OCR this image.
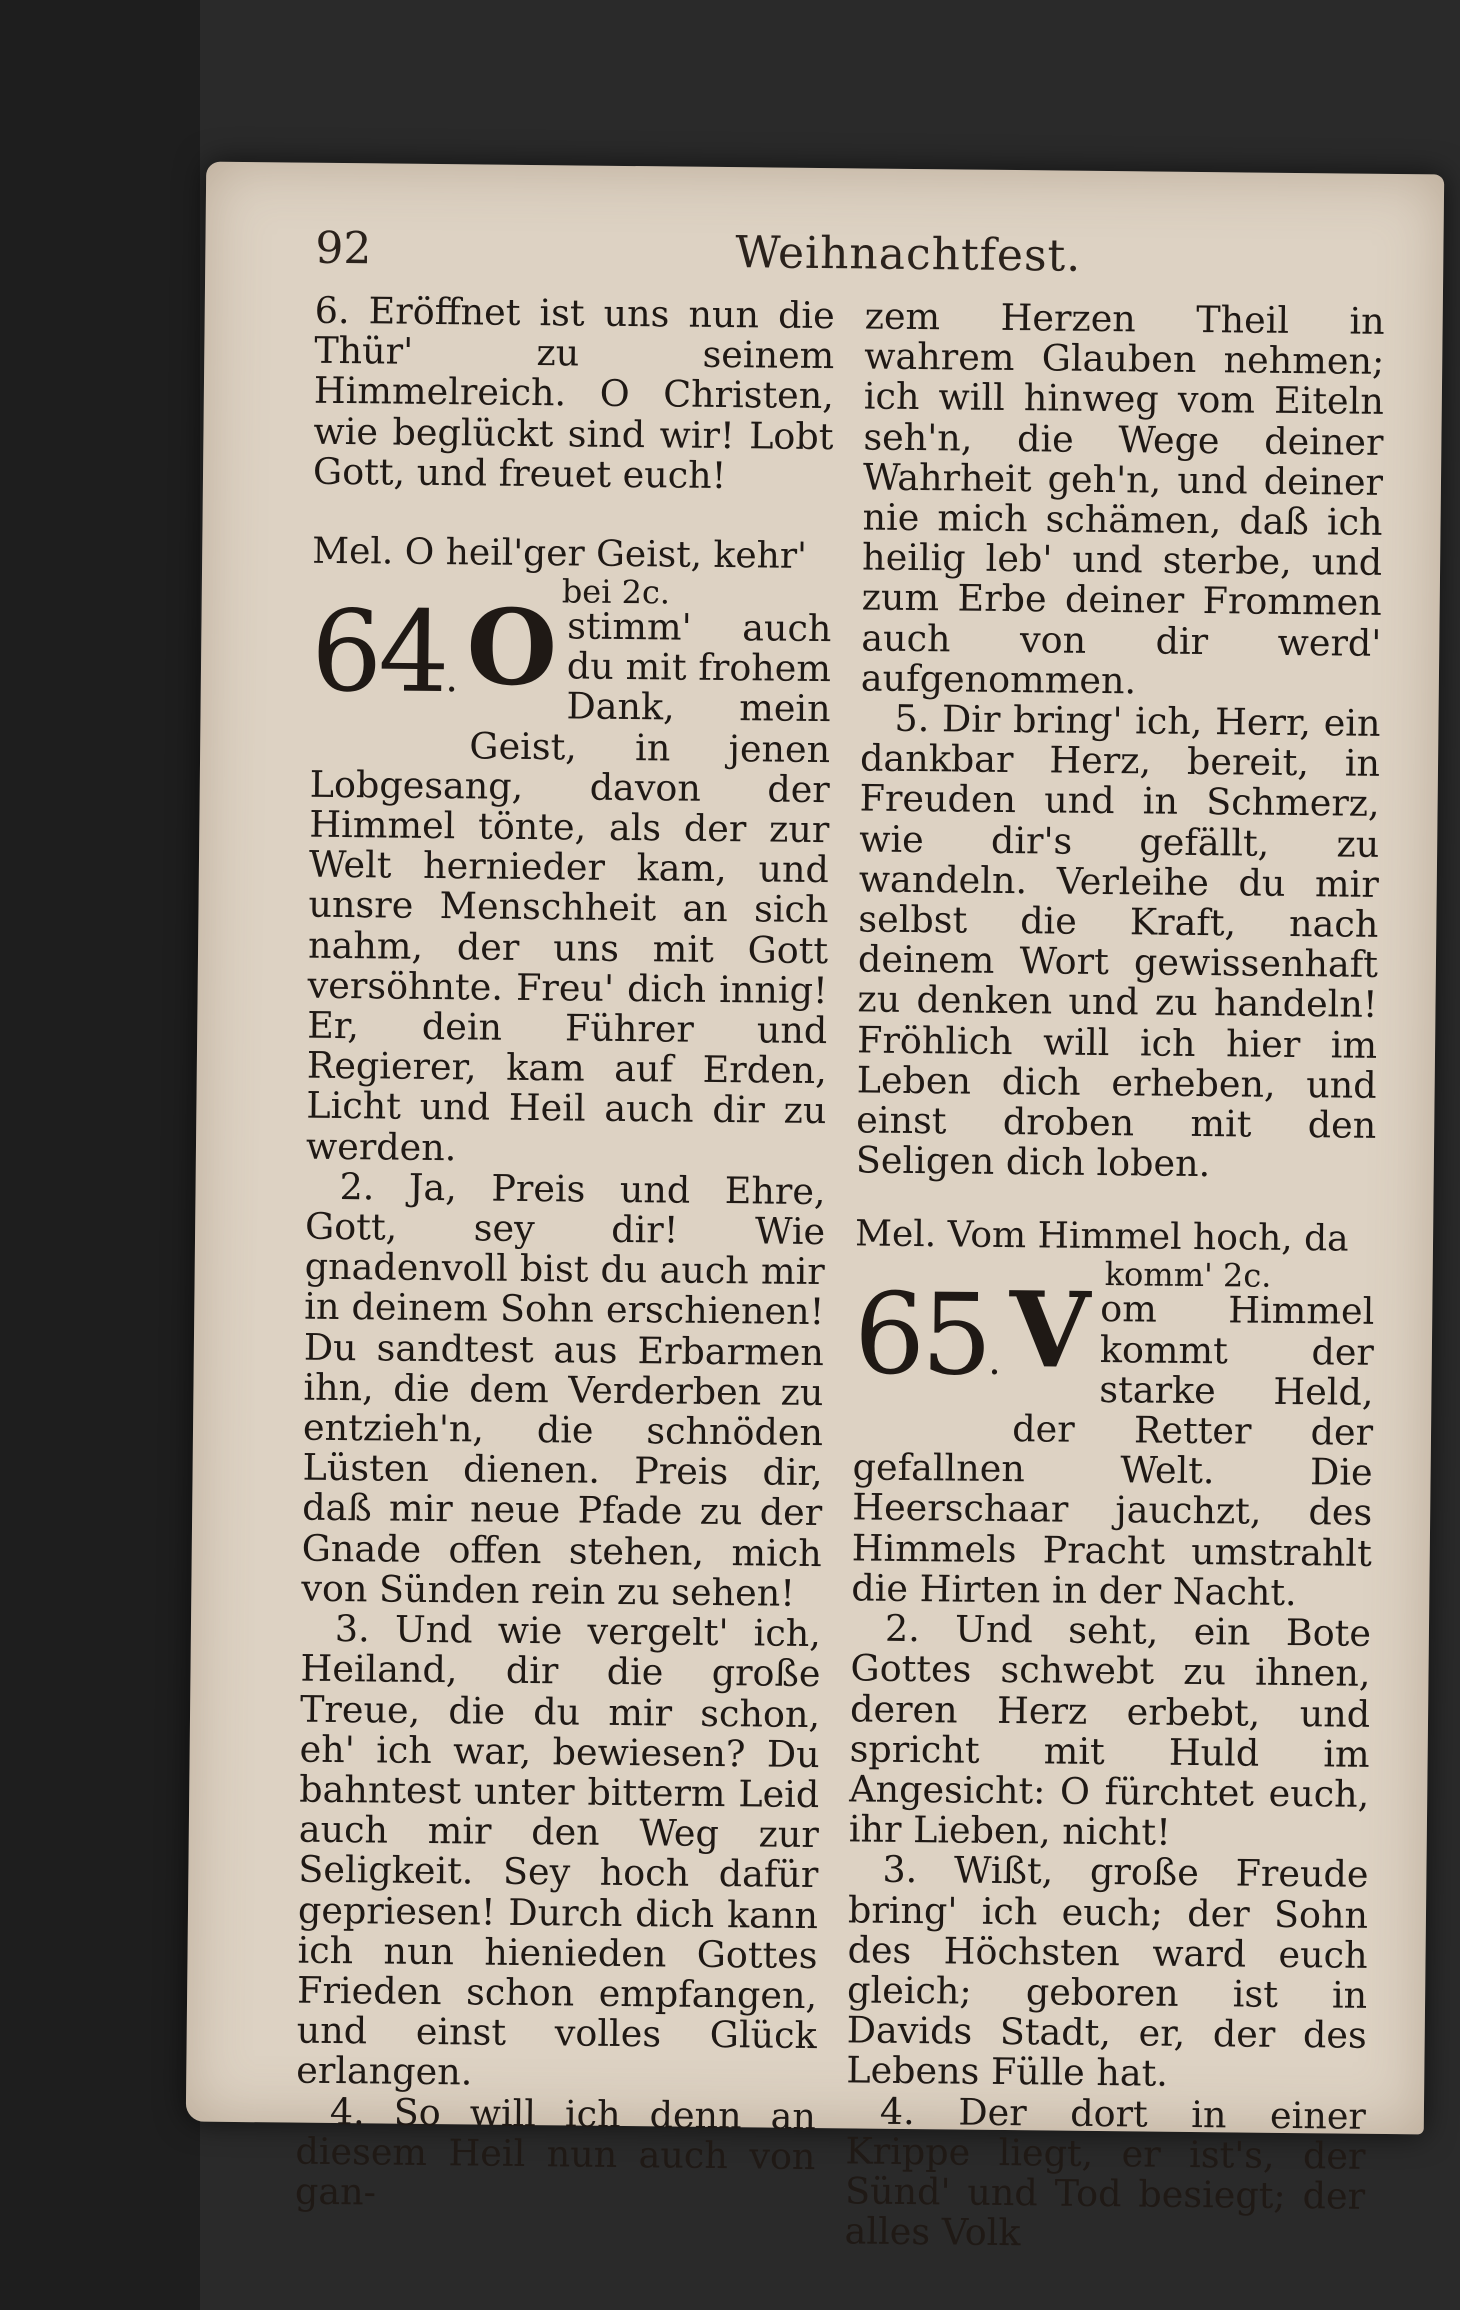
92	Weihnachtfest.

6. Eröffnet ist uns nun die Thür' zu seinem Himmelreich. O Christen, wie beglückt sind wir! Lobt Gott, und freuet euch!

Mel. O heil'ger Geist, kehr'

bei 2c.

64. O stimm' auch du mit frohem Dank, mein Geist, in jenen Lobgesang, davon der Himmel tönte, als der zur Welt hernieder kam, und unsre Menschheit an sich nahm, der uns mit Gott versöhnte. Freu' dich innig! Er, dein Führer und Regierer, kam auf Erden, Licht und Heil auch dir zu werden.

2. Ja, Preis und Ehre, Gott, sey dir! Wie gnadenvoll bist du auch mir in deinem Sohn erschienen! Du sandtest aus Erbarmen ihn, die dem Verderben zu entzieh'n, die schnöden Lüsten dienen. Preis dir, daß mir neue Pfade zu der Gnade offen stehen, mich von Sünden rein zu sehen!

3. Und wie vergelt' ich, Heiland, dir die große Treue, die du mir schon, eh' ich war, bewiesen? Du bahntest unter bitterm Leid auch mir den Weg zur Seligkeit. Sey hoch dafür gepriesen! Durch dich kann ich nun hienieden Gottes Frieden schon empfangen, und einst volles Glück erlangen.

4. So will ich denn an diesem Heil nun auch von gan-

zem Herzen Theil in wahrem Glauben nehmen; ich will hinweg vom Eiteln seh'n, die Wege deiner Wahrheit geh'n, und deiner nie mich schämen, daß ich heilig leb' und sterbe, und zum Erbe deiner Frommen auch von dir werd' aufgenommen.

5. Dir bring' ich, Herr, ein dankbar Herz, bereit, in Freuden und in Schmerz, wie dir's gefällt, zu wandeln. Verleihe du mir selbst die Kraft, nach deinem Wort gewissenhaft zu denken und zu handeln! Fröhlich will ich hier im Leben dich erheben, und einst droben mit den Seligen dich loben.

Mel. Vom Himmel hoch, da

komm' 2c.

65. V om Himmel kommt der starke Held, der Retter der gefallnen Welt. Die Heerschaar jauchzt, des Himmels Pracht umstrahlt die Hirten in der Nacht.

2. Und seht, ein Bote Gottes schwebt zu ihnen, deren Herz erbebt, und spricht mit Huld im Angesicht: O fürchtet euch, ihr Lieben, nicht!

3. Wißt, große Freude bring' ich euch; der Sohn des Höchsten ward euch gleich; geboren ist in Davids Stadt, er, der des Lebens Fülle hat.

4. Der dort in einer Krippe liegt, er ist's, der Sünd' und Tod besiegt; der alles Volk
